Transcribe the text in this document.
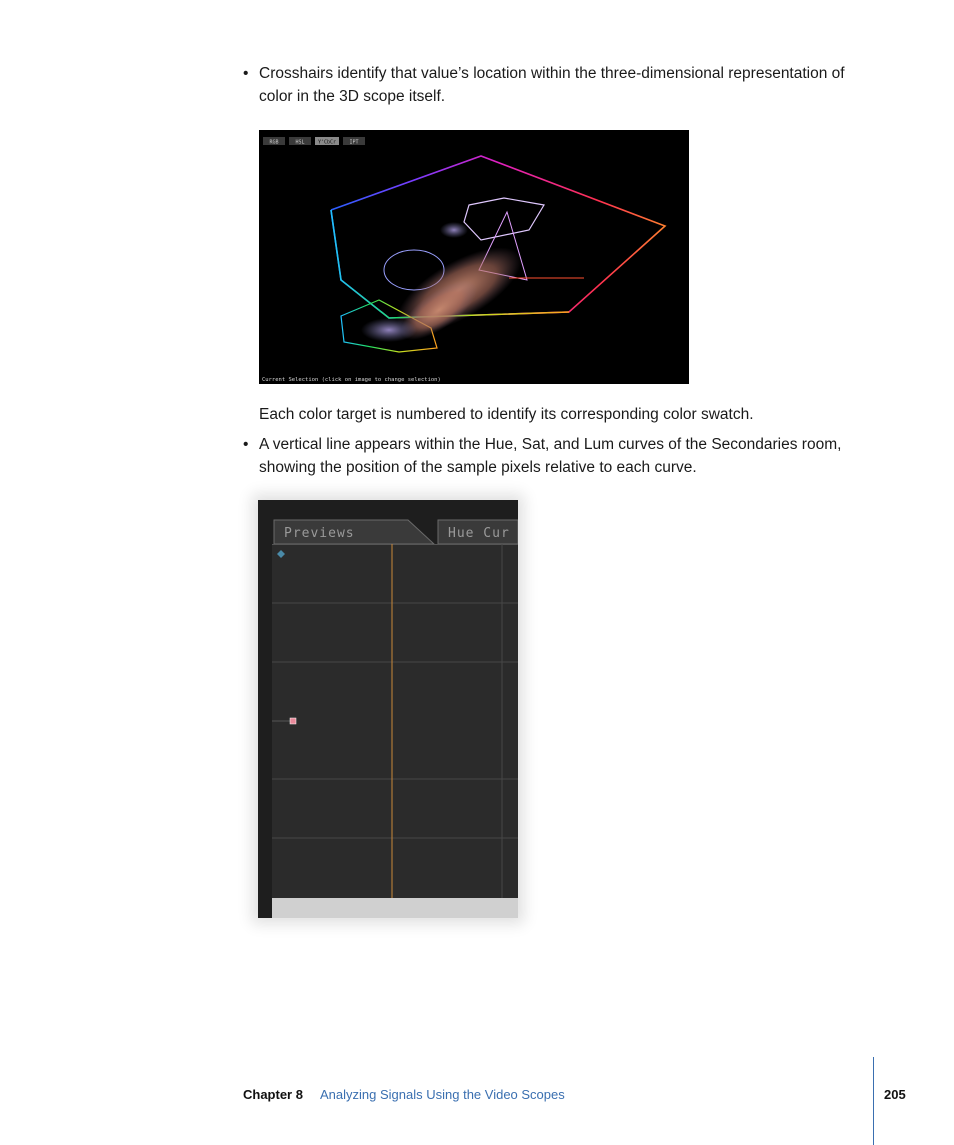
• Crosshairs identify that value’s location within the three-dimensional representation of color in the 3D scope itself.
RGB	HSL	Y'CbCr	IPT
Current Selection (click on image to change selection)
Each color target is numbered to identify its corresponding color swatch.
• A vertical line appears within the Hue, Sat, and Lum curves of the Secondaries room, showing the position of the sample pixels relative to each curve.
Previews	Hue Cur
Chapter 8 Analyzing Signals Using the Video Scopes	205
